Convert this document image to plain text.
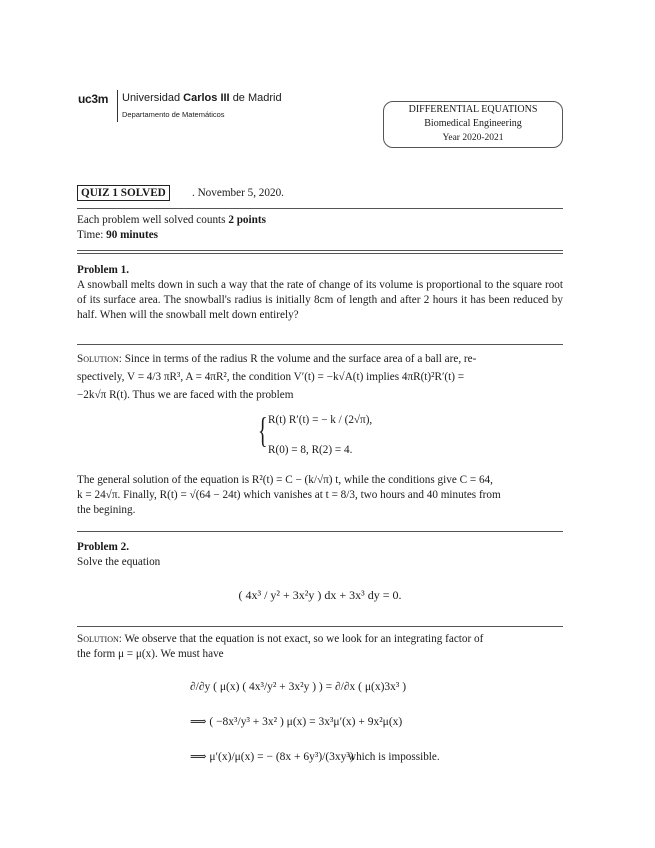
uc3m Universidad Carlos III de Madrid
Departamento de Matemáticos	DIFFERENTIAL EQUATIONS
Biomedical Engineering
Year 2020-2021
QUIZ 1 SOLVED	. November 5, 2020.
Each problem well solved counts 2 points
Time: 90 minutes
Problem 1.
A snowball melts down in such a way that the rate of change of its volume is proportional to the square root of its surface area. The snowball's radius is initially 8cm of length and after 2 hours it has been reduced by half. When will the snowball melt down entirely?
Solution: Since in terms of the radius R the volume and the surface area of a ball are, re-
spectively, V = 4/3 πR³, A = 4πR², the condition V′(t) = −k√A(t) implies 4πR(t)²R′(t) =
−2k√π R(t). Thus we are faced with the problem
{ R(t) R′(t) = − k / (2√π),
R(0) = 8, R(2) = 4.
The general solution of the equation is R²(t) = C − (k/√π) t, while the conditions give C = 64,
k = 24√π. Finally, R(t) = √(64 − 24t) which vanishes at t = 8/3, two hours and 40 minutes from
the begining.
Problem 2.
Solve the equation
( 4x³ / y² + 3x²y ) dx + 3x³ dy = 0.
Solution: We observe that the equation is not exact, so we look for an integrating factor of
the form μ = μ(x). We must have
∂/∂y ( μ(x) ( 4x³/y² + 3x²y ) ) = ∂/∂x ( μ(x)3x³ )
⟹ ( −8x³/y³ + 3x² ) μ(x) = 3x³μ′(x) + 9x²μ(x)
⟹ μ′(x)/μ(x) = − (8x + 6y³)/(3xy³)
which is impossible.
